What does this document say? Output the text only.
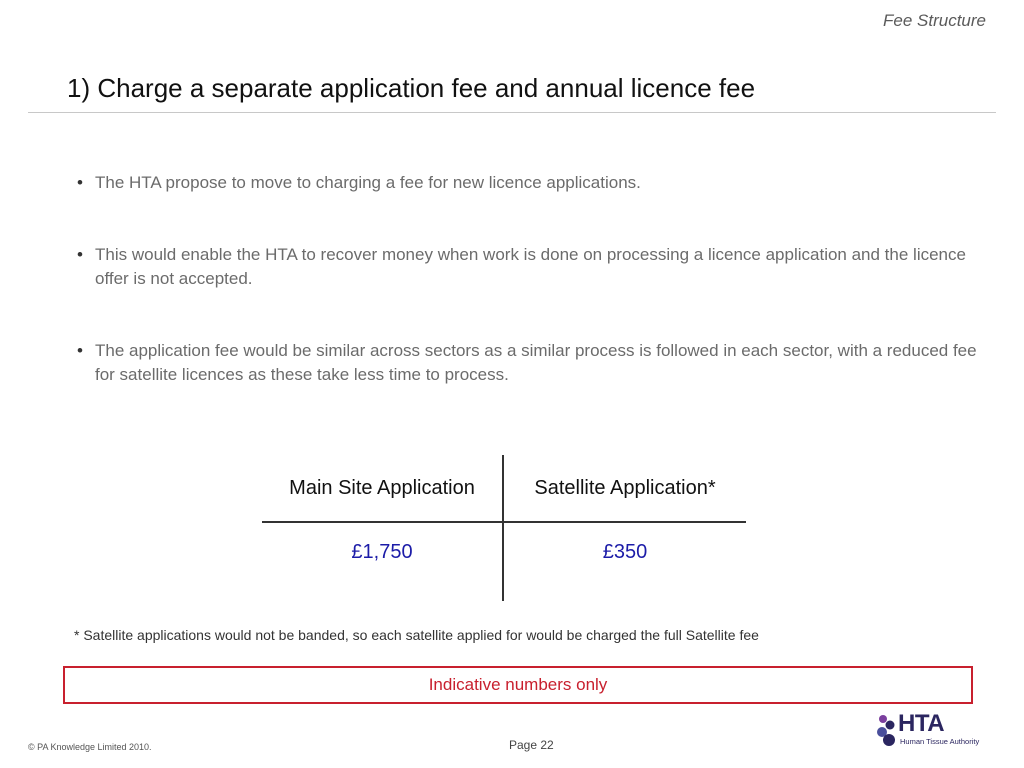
Fee Structure
1) Charge a separate application fee and annual licence fee
• The HTA propose to move to charging a fee for new licence applications.
• This would enable the HTA to recover money when work is done on processing a licence application and the licence offer is not accepted.
• The application fee would be similar across sectors as a similar process is followed in each sector, with a reduced fee for satellite licences as these take less time to process.
Main Site Application	Satellite Application*
£1,750	£350
* Satellite applications would not be banded, so each satellite applied for would be charged the full Satellite fee
Indicative numbers only
© PA Knowledge Limited 2010.	Page 22
HTA
Human Tissue Authority
